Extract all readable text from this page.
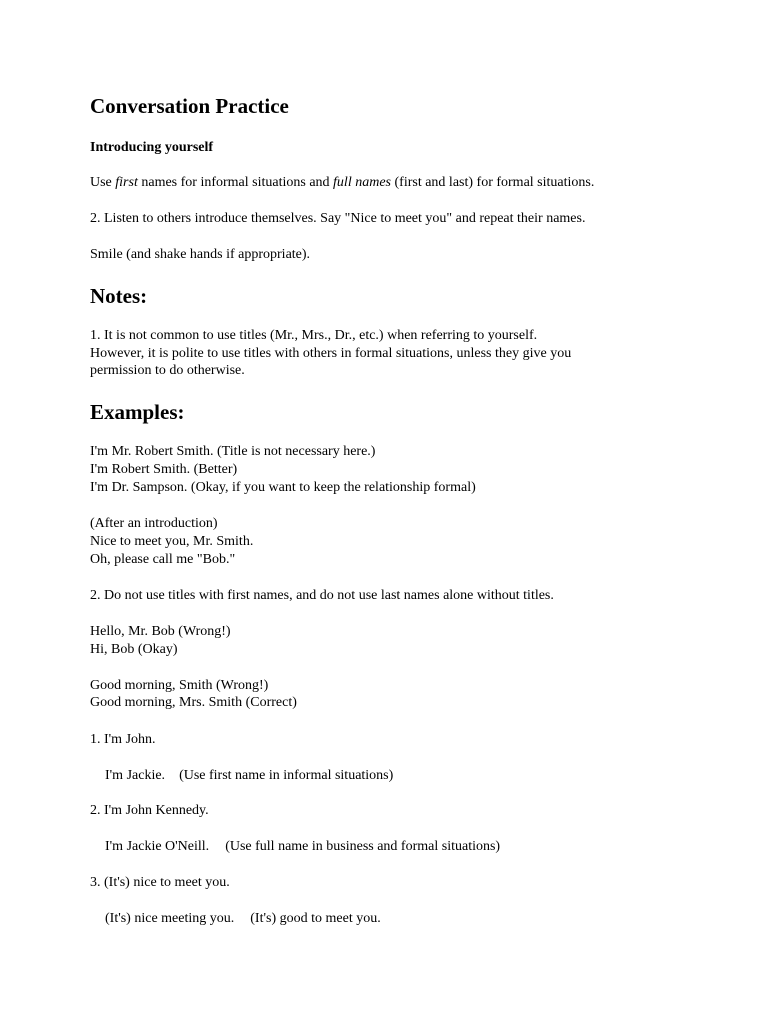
Conversation Practice
Introducing yourself
Use first names for informal situations and full names (first and last) for formal situations.
2. Listen to others introduce themselves. Say "Nice to meet you" and repeat their names.
Smile (and shake hands if appropriate).
Notes:
1. It is not common to use titles (Mr., Mrs., Dr., etc.) when referring to yourself.
However, it is polite to use titles with others in formal situations, unless they give you
permission to do otherwise.
Examples:
I'm Mr. Robert Smith. (Title is not necessary here.)
I'm Robert Smith. (Better)
I'm Dr. Sampson. (Okay, if you want to keep the relationship formal)
(After an introduction)
Nice to meet you, Mr. Smith.
Oh, please call me "Bob."
2. Do not use titles with first names, and do not use last names alone without titles.
Hello, Mr. Bob (Wrong!)
Hi, Bob (Okay)
Good morning, Smith (Wrong!)
Good morning, Mrs. Smith (Correct)
1. I'm John.
I'm Jackie. (Use first name in informal situations)
2. I'm John Kennedy.
I'm Jackie O'Neill. (Use full name in business and formal situations)
3. (It's) nice to meet you.
(It's) nice meeting you. (It's) good to meet you.
